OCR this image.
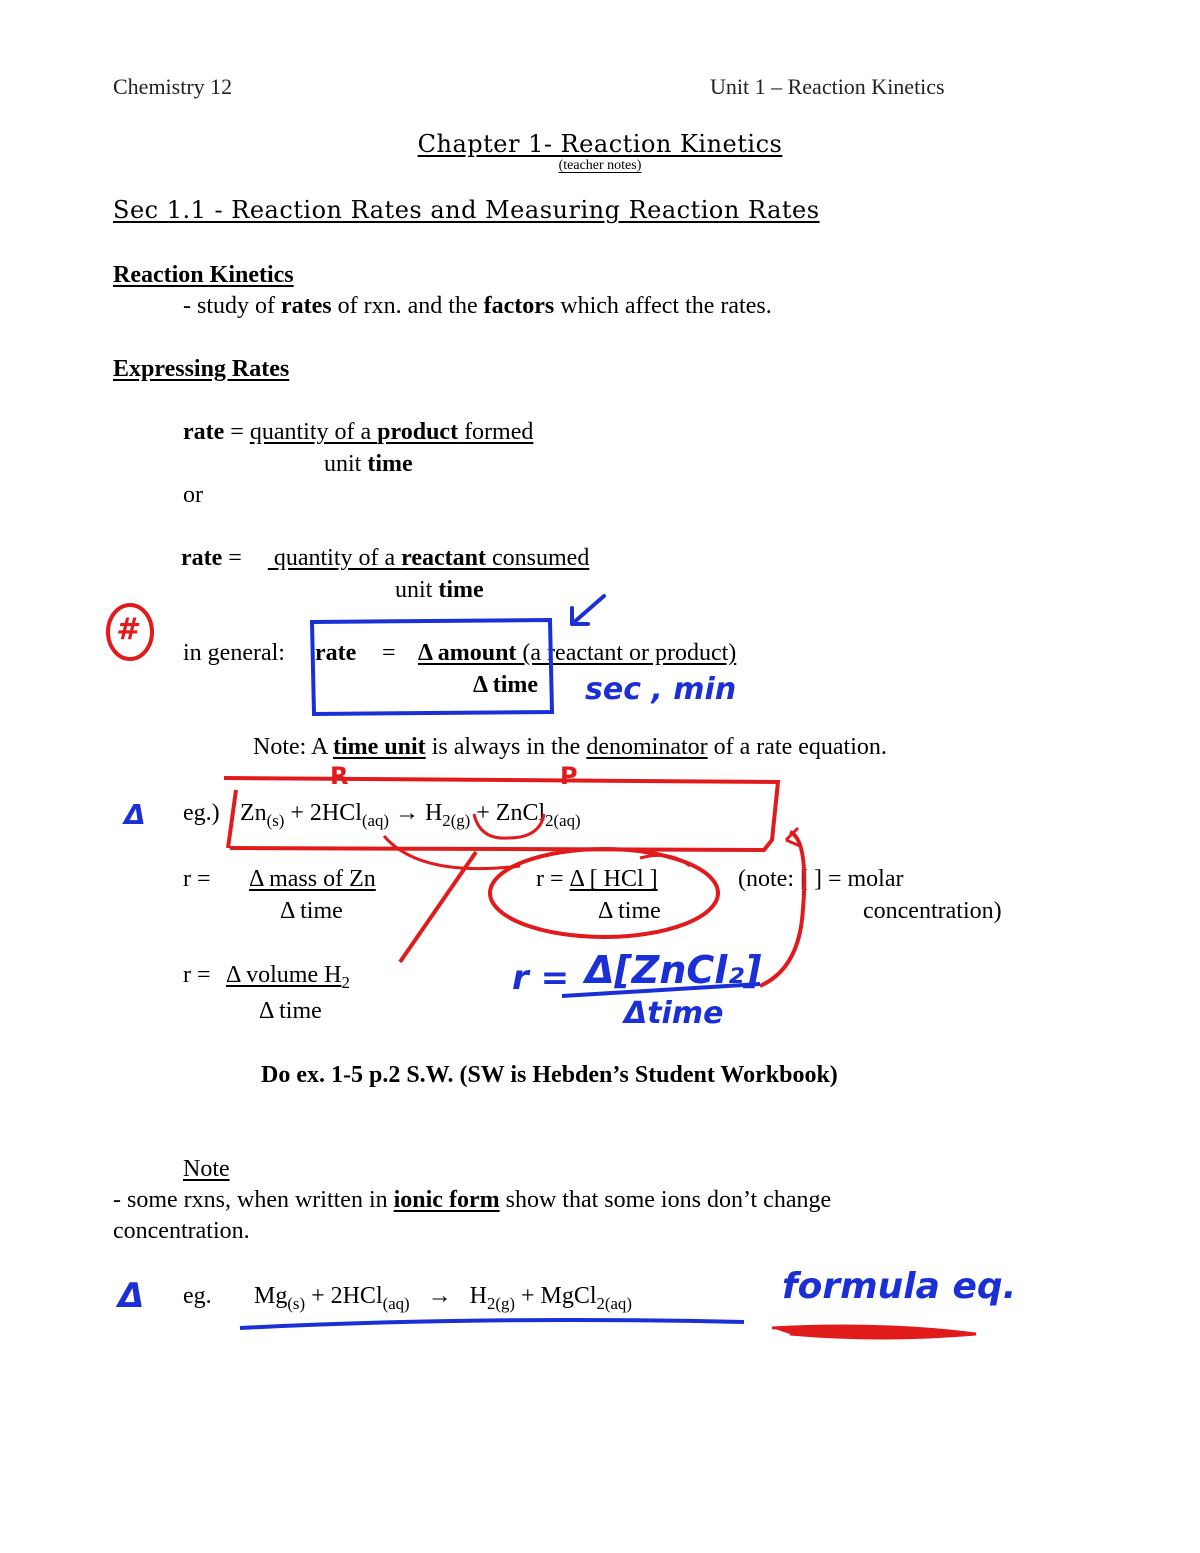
Chemistry 12	Unit 1 – Reaction Kinetics
Chapter 1- Reaction Kinetics
(teacher notes)
Sec 1.1 - Reaction Rates and Measuring Reaction Rates
Reaction Kinetics
- study of rates of rxn. and the factors which affect the rates.
Expressing Rates
rate = quantity of a product formed
unit time
or
rate =  quantity of a reactant consumed
unit time
in general: rate = Δ amount (a reactant or product)
Δ time
Note: A time unit is always in the denominator of a rate equation.
eg.) $Zn_{(s)} + 2HCl_{(aq)} \to H_{2(g)}$ + ZnCl$_{2(aq)}$
r = Δ mass of Zn
Δ time
r = Δ [ HCl ]
Δ time
(note: [ ] = molar
concentration)
r = Δ volume $H_2$
Δ time
Do ex. 1-5 p.2 S.W. (SW is Hebden’s Student Workbook)
Note
- some rxns, when written in ionic form show that some ions don’t change
concentration.
eg. $Mg_{(s)} + 2HCl_{(aq)} \to H_{2(g)}$ + MgCl$_{2(aq)}$
#
sec , min
R	P
Δ
r = Δ[ZnCl₂]
Δtime
Δ	formula eq.
